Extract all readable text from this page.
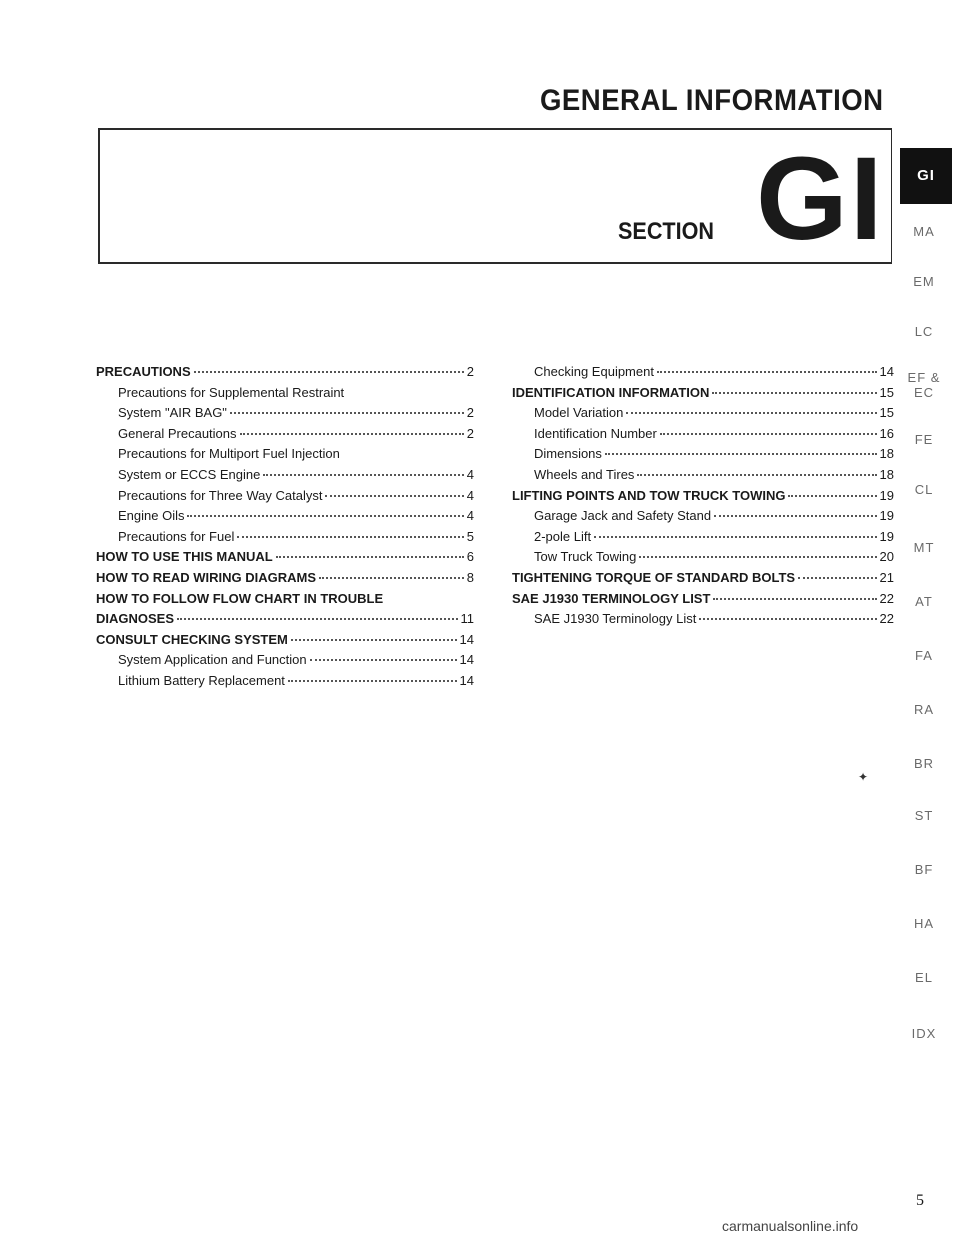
GENERAL INFORMATION
SECTION GI
PRECAUTIONS	2
Precautions for Supplemental Restraint
System "AIR BAG"	2
General Precautions	2
Precautions for Multiport Fuel Injection
System or ECCS Engine	4
Precautions for Three Way Catalyst	4
Engine Oils	4
Precautions for Fuel	5
HOW TO USE THIS MANUAL	6
HOW TO READ WIRING DIAGRAMS	8
HOW TO FOLLOW FLOW CHART IN TROUBLE
DIAGNOSES	11
CONSULT CHECKING SYSTEM	14
System Application and Function	14
Lithium Battery Replacement	14
Checking Equipment	14
IDENTIFICATION INFORMATION	15
Model Variation	15
Identification Number	16
Dimensions	18
Wheels and Tires	18
LIFTING POINTS AND TOW TRUCK TOWING	19
Garage Jack and Safety Stand	19
2-pole Lift	19
Tow Truck Towing	20
TIGHTENING TORQUE OF STANDARD BOLTS	21
SAE J1930 TERMINOLOGY LIST	22
SAE J1930 Terminology List	22
GI
MA
EM
LC
EF &
EC
FE
CL
MT
AT
FA
RA
BR
ST
BF
HA
EL
IDX
✦
5
carmanualsonline.info
